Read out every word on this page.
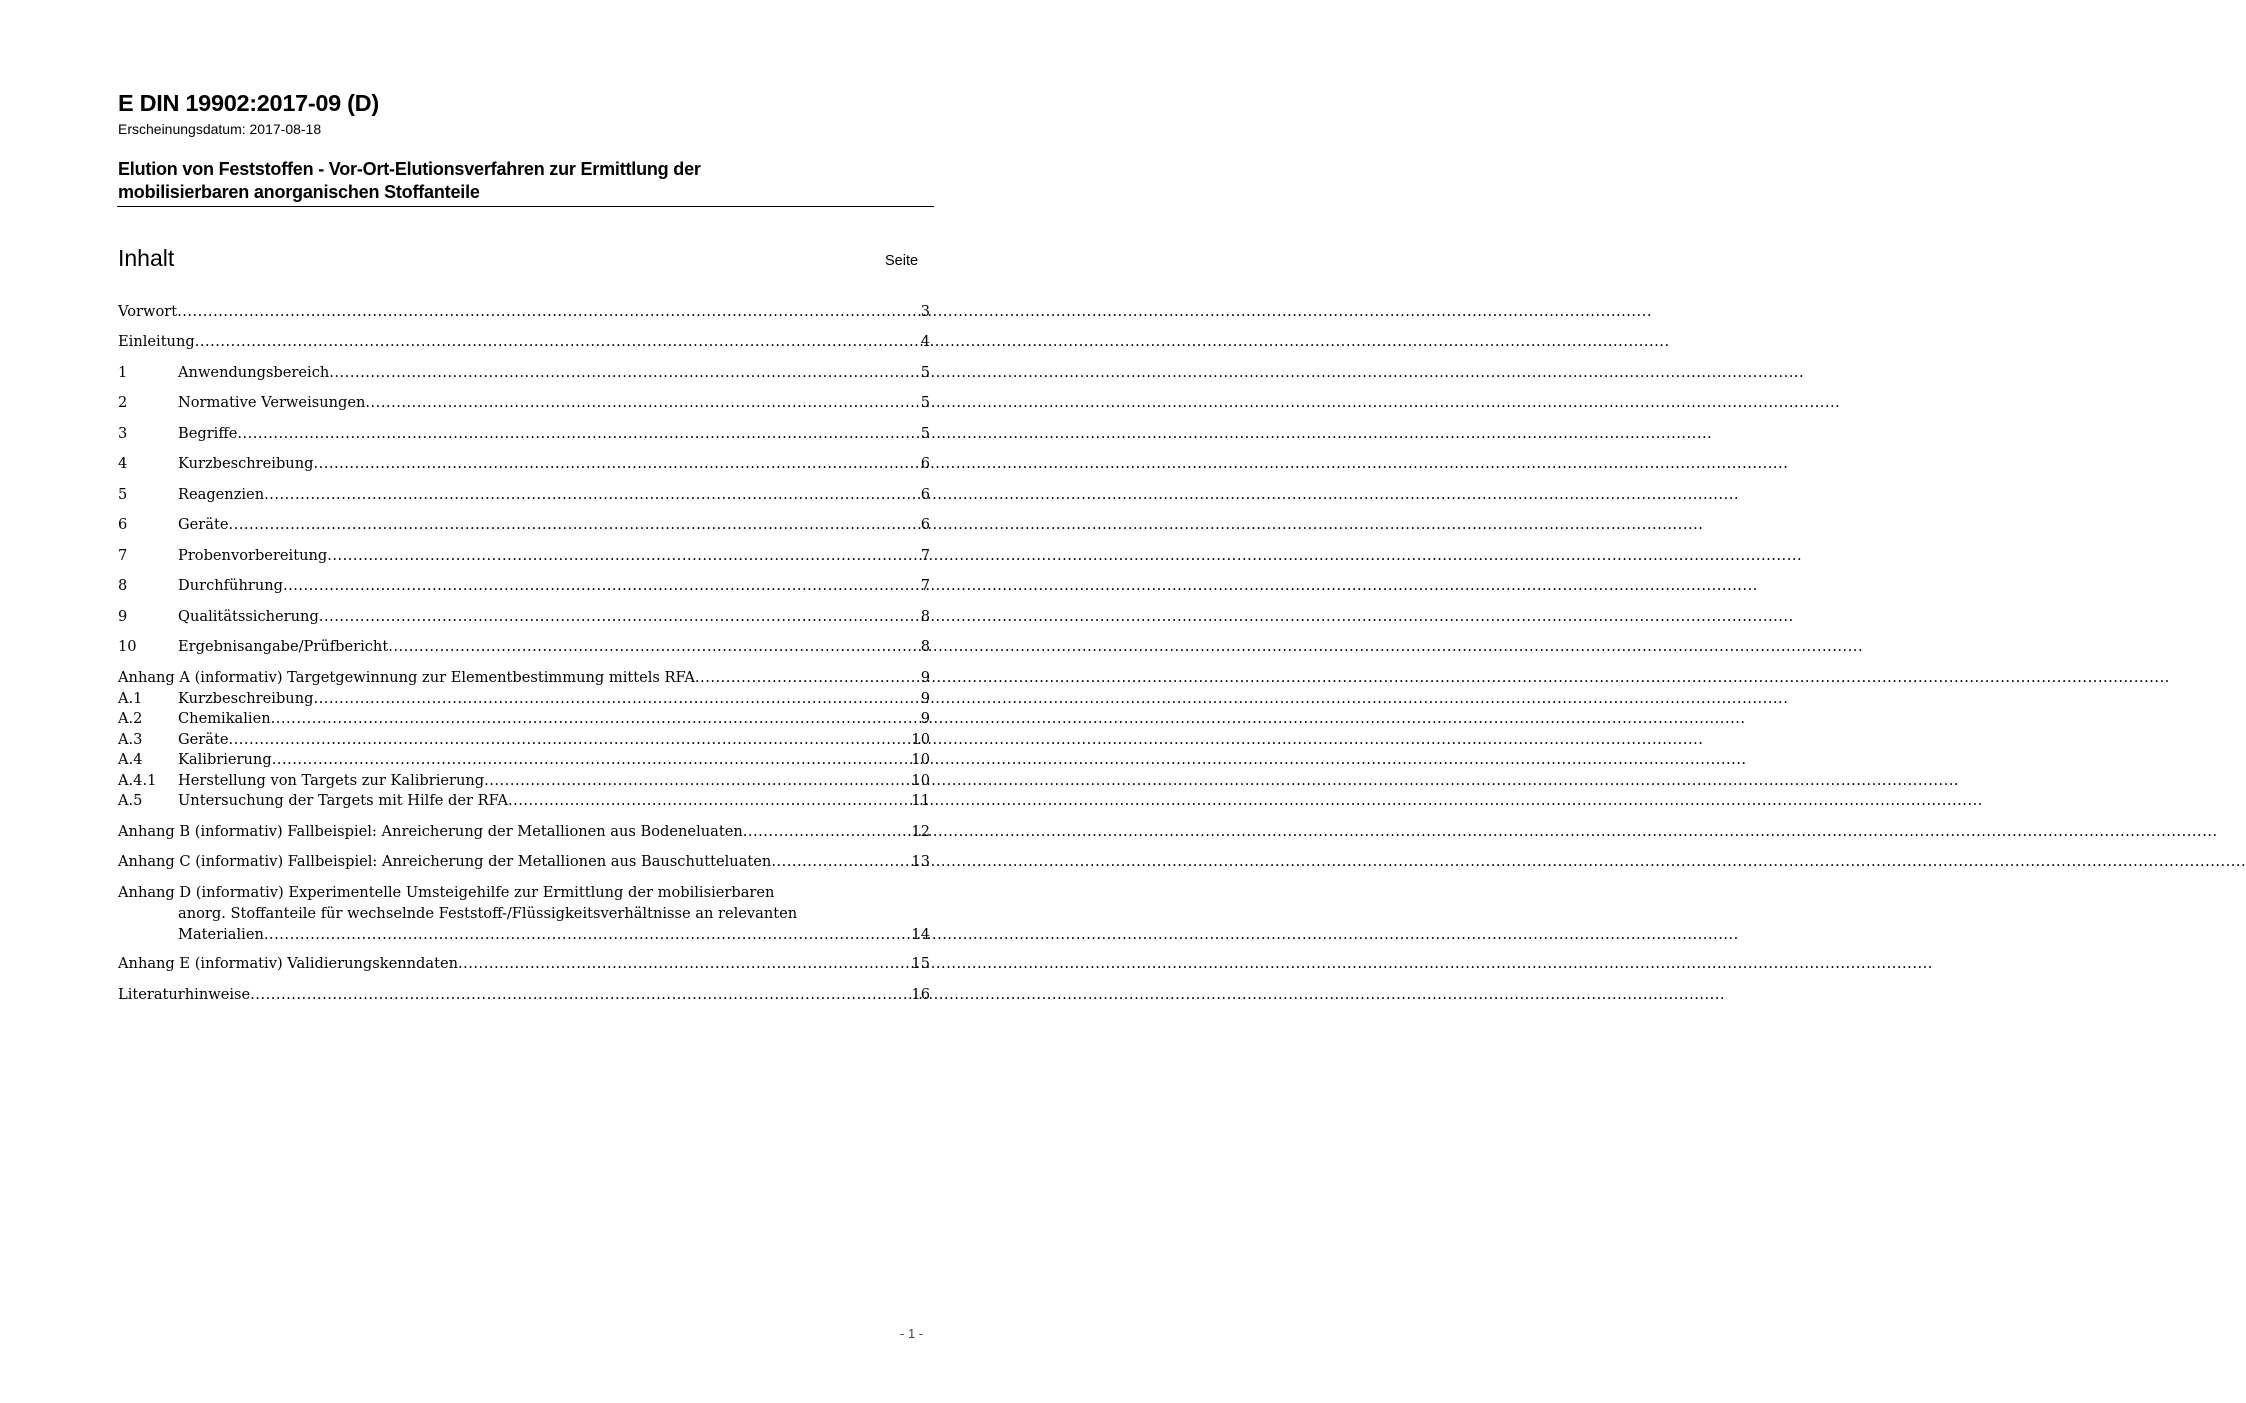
E DIN 19902:2017-09 (D)
Erscheinungsdatum: 2017-08-18
Elution von Feststoffen - Vor-Ort-Elutionsverfahren zur Ermittlung der
mobilisierbaren anorganischen Stoffanteile
Inhalt	Seite
Vorwort .....	3
Einleitung .....	4
1	Anwendungsbereich .....	5
2	Normative Verweisungen .....	5
3	Begriffe .....	5
4	Kurzbeschreibung .....	6
5	Reagenzien .....	6
6	Geräte .....	6
7	Probenvorbereitung .....	7
8	Durchführung .....	7
9	Qualitätssicherung .....	8
10	Ergebnisangabe/Prüfbericht .....	8
Anhang A (informativ) Targetgewinnung zur Elementbestimmung mittels RFA .....	9
A.1	Kurzbeschreibung .....	9
A.2	Chemikalien .....	9
A.3	Geräte .....	10
A.4	Kalibrierung .....	10
A.4.1	Herstellung von Targets zur Kalibrierung .....	10
A.5	Untersuchung der Targets mit Hilfe der RFA .....	11
Anhang B (informativ) Fallbeispiel: Anreicherung der Metallionen aus Bodeneluaten .....	12
Anhang C (informativ) Fallbeispiel: Anreicherung der Metallionen aus Bauschutteluaten .....	13
Anhang D (informativ) Experimentelle Umsteigehilfe zur Ermittlung der mobilisierbaren
anorg. Stoffanteile für wechselnde Feststoff-/Flüssigkeitsverhältnisse an relevanten
Materialien .....	14
Anhang E (informativ) Validierungskenndaten .....	15
Literaturhinweise .....	16
- 1 -
